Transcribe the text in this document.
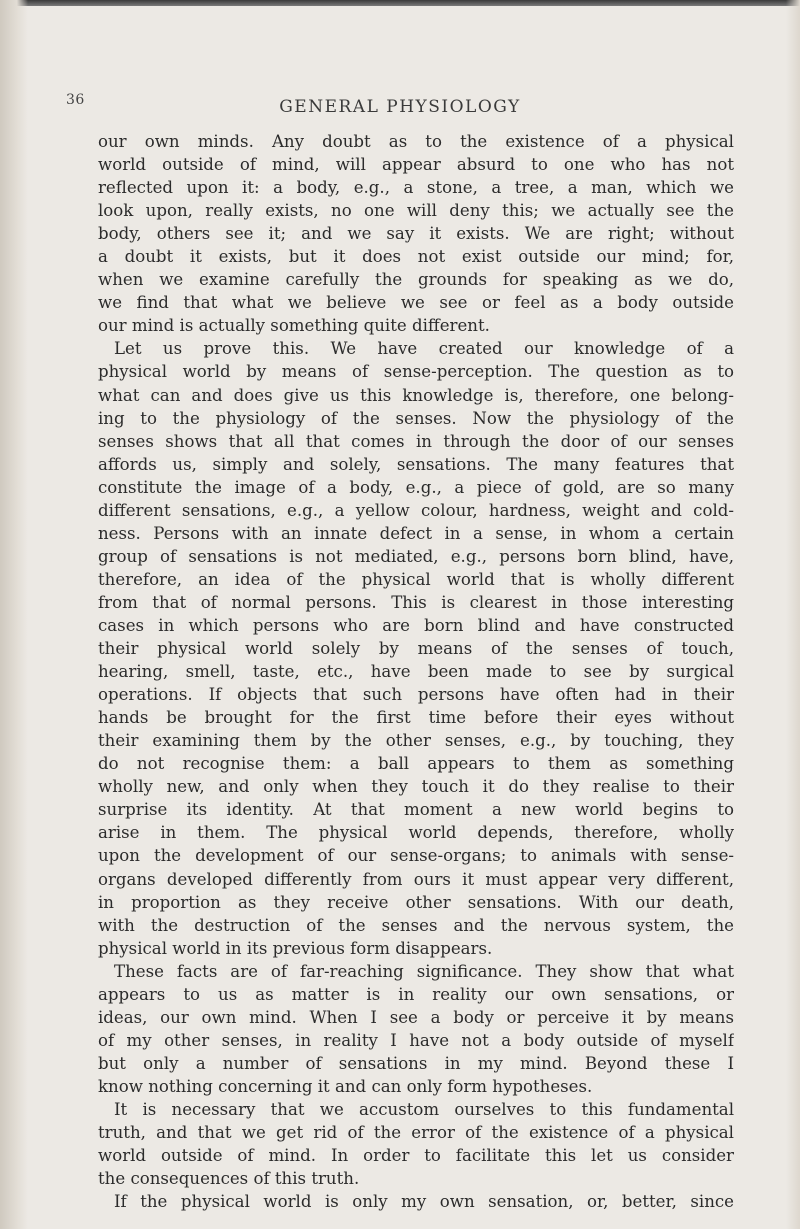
36	GENERAL PHYSIOLOGY
our own minds. Any doubt as to the existence of a physical
world outside of mind, will appear absurd to one who has not
reflected upon it: a body, e.g., a stone, a tree, a man, which we
look upon, really exists, no one will deny this; we actually see the
body, others see it; and we say it exists. We are right; without
a doubt it exists, but it does not exist outside our mind; for,
when we examine carefully the grounds for speaking as we do,
we find that what we believe we see or feel as a body outside
our mind is actually something quite different.
Let us prove this. We have created our knowledge of a
physical world by means of sense-perception. The question as to
what can and does give us this knowledge is, therefore, one belong-
ing to the physiology of the senses. Now the physiology of the
senses shows that all that comes in through the door of our senses
affords us, simply and solely, sensations. The many features that
constitute the image of a body, e.g., a piece of gold, are so many
different sensations, e.g., a yellow colour, hardness, weight and cold-
ness. Persons with an innate defect in a sense, in whom a certain
group of sensations is not mediated, e.g., persons born blind, have,
therefore, an idea of the physical world that is wholly different
from that of normal persons. This is clearest in those interesting
cases in which persons who are born blind and have constructed
their physical world solely by means of the senses of touch,
hearing, smell, taste, etc., have been made to see by surgical
operations. If objects that such persons have often had in their
hands be brought for the first time before their eyes without
their examining them by the other senses, e.g., by touching, they
do not recognise them: a ball appears to them as something
wholly new, and only when they touch it do they realise to their
surprise its identity. At that moment a new world begins to
arise in them. The physical world depends, therefore, wholly
upon the development of our sense-organs; to animals with sense-
organs developed differently from ours it must appear very different,
in proportion as they receive other sensations. With our death,
with the destruction of the senses and the nervous system, the
physical world in its previous form disappears.
These facts are of far-reaching significance. They show that what
appears to us as matter is in reality our own sensations, or
ideas, our own mind. When I see a body or perceive it by means
of my other senses, in reality I have not a body outside of myself
but only a number of sensations in my mind. Beyond these I
know nothing concerning it and can only form hypotheses.
It is necessary that we accustom ourselves to this fundamental
truth, and that we get rid of the error of the existence of a physical
world outside of mind. In order to facilitate this let us consider
the consequences of this truth.
If the physical world is only my own sensation, or, better, since
